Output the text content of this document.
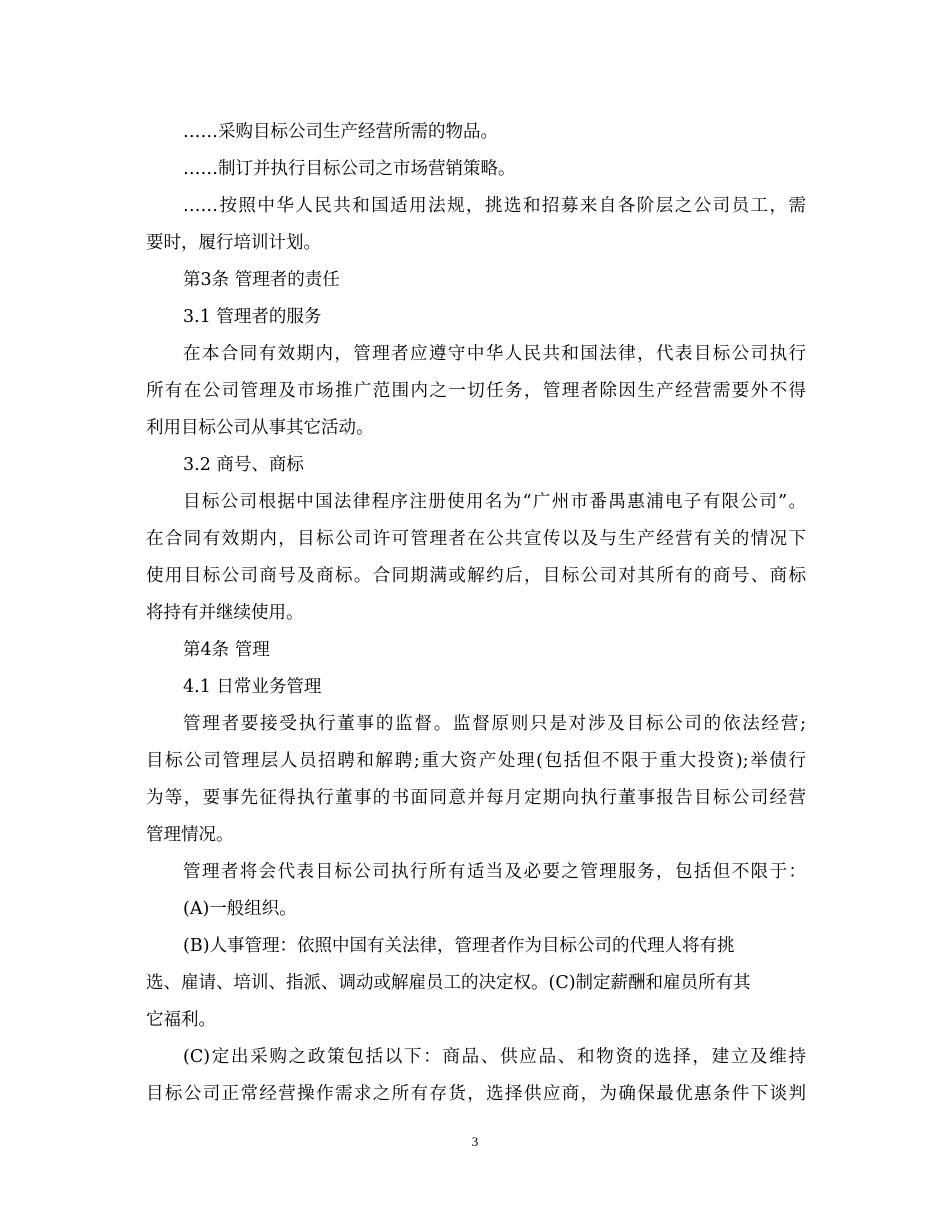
……采购目标公司生产经营所需的物品。
……制订并执行目标公司之市场营销策略。
……按照中华人民共和国适用法规，挑选和招募来自各阶层之公司员工，需
要时，履行培训计划。
第3条 管理者的责任
3.1 管理者的服务
在本合同有效期内，管理者应遵守中华人民共和国法律，代表目标公司执行
所有在公司管理及市场推广范围内之一切任务，管理者除因生产经营需要外不得
利用目标公司从事其它活动。
3.2 商号、商标
目标公司根据中国法律程序注册使用名为“广州市番禺惠浦电子有限公司”。
在合同有效期内，目标公司许可管理者在公共宣传以及与生产经营有关的情况下
使用目标公司商号及商标。合同期满或解约后，目标公司对其所有的商号、商标
将持有并继续使用。
第4条 管理
4.1 日常业务管理
管理者要接受执行董事的监督。监督原则只是对涉及目标公司的依法经营;
目标公司管理层人员招聘和解聘;重大资产处理(包括但不限于重大投资);举债行
为等，要事先征得执行董事的书面同意并每月定期向执行董事报告目标公司经营
管理情况。
管理者将会代表目标公司执行所有适当及必要之管理服务，包括但不限于：
(A)一般组织。
(B)人事管理：依照中国有关法律，管理者作为目标公司的代理人将有挑
选、雇请、培训、指派、调动或解雇员工的决定权。(C)制定薪酬和雇员所有其
它福利。
(C)定出采购之政策包括以下：商品、供应品、和物资的选择，建立及维持
目标公司正常经营操作需求之所有存货，选择供应商，为确保最优惠条件下谈判
3
